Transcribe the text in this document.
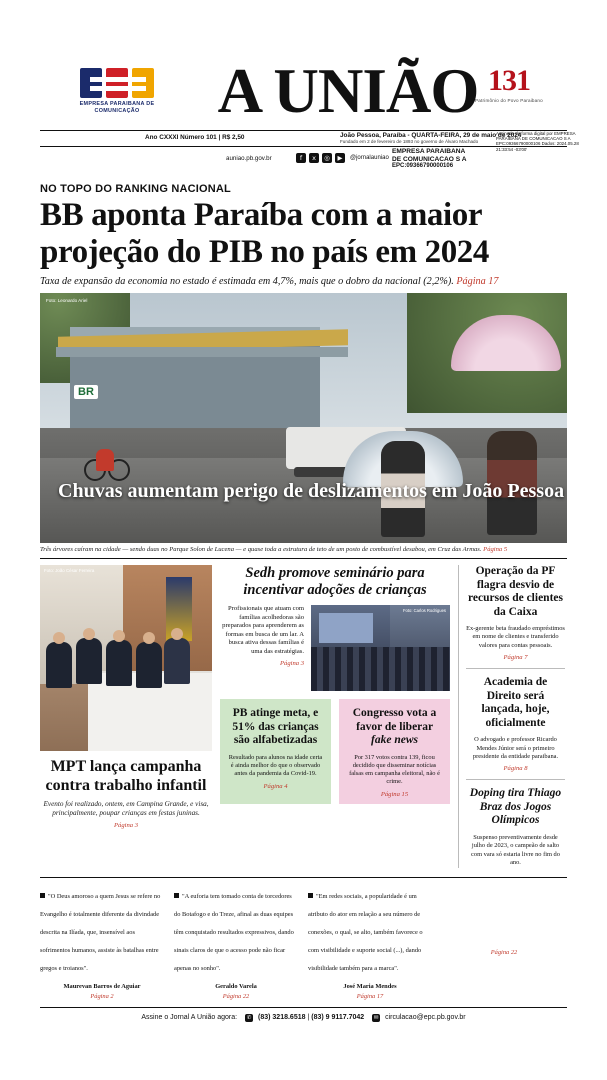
EMPRESA PARAIBANA DE COMUNICAÇÃO	A UNIÃO 131
Patrimônio do Povo Paraibano
Ano CXXXI Número 101 | R$ 2,50	João Pessoa, Paraíba - QUARTA-FEIRA, 29 de maio de 2024
Fundado em 2 de fevereiro de 1893 no governo de Álvaro Machado
auniao.pb.gov.br	f	x	◎	▶	@jornalauniao
EMPRESA PARAIBANA
DE COMUNICACAO S A
EPC:09366790000106
Assinado de forma digital por EMPRESA PARAIBANA DE COMUNICACAO S A EPC:09366790000106 Dados: 2024.05.28 21:33:54 -03'00'
NO TOPO DO RANKING NACIONAL
BB aponta Paraíba com a maior projeção do PIB no país em 2024
Taxa de expansão da economia no estado é estimada em 4,7%, mais que o dobro da nacional (2,2%). Página 17
BR
Foto: Leonardo Ariel
Chuvas aumentam perigo de deslizamentos em João Pessoa
Três árvores caíram na cidade — sendo duas no Parque Solon de Lucena — e quase toda a estrutura de teto de um posto de combustível desabou, em Cruz das Armas. Página 5
Foto: João César Ferreira
MPT lança campanha contra trabalho infantil
Evento foi realizado, ontem, em Campina Grande, e visa, principalmente, poupar crianças em festas juninas.
Página 3
Sedh promove seminário para incentivar adoções de crianças
Profissionais que atuam com famílias acolhedoras são preparados para aprenderem as formas em busca de um lar. A busca ativa dessas famílias é uma das estratégias.
Página 3
Foto: Carlos Rodrigues
PB atinge meta, e 51% das crianças são alfabetizadas

Resultado para alunos na idade certa é ainda melhor do que o observado antes da pandemia da Covid-19.

Página 4
Congresso vota a favor de liberar fake news

Por 317 votos contra 139, ficou decidido que disseminar notícias falsas em campanha eleitoral, não é crime.

Página 15
Operação da PF flagra desvio de recursos de clientes da Caixa
Ex-gerente beta fraudado empréstimos em nome de clientes e transferido valores para contas pessoais.
Página 7
Academia de Direito será lançada, hoje, oficialmente
O advogado e professor Ricardo Mendes Júnior será o primeiro presidente da entidade paraibana.
Página 8
Doping tira Thiago Braz dos Jogos Olímpicos
Suspenso preventivamente desde julho de 2023, o campeão de salto com vara só estaria livre no fim do ano.

"O Deus amoroso a quem Jesus se refere no Evangelho é totalmente diferente da divindade descrita na Ilíada, que, insensível aos sofrimentos humanos, assiste às batalhas entre gregos e troianos".

Maurevan Barros de Aguiar
Página 2

"A euforia tem tomado conta de torcedores do Botafogo e do Treze, afinal as duas equipes têm conquistado resultados expressivos, dando sinais claros de que o acesso pode não ficar apenas no sonho".

Geraldo Varela
Página 22

"Em redes sociais, a popularidade é um atributo do ator em relação a seu número de conexões, o qual, se alto, também favorece o com visibilidade e suporte social (...), dando visibilidade também para a marca".

José Maria Mendes
Página 17
Página 22
Assine o Jornal A União agora: ✆ (83) 3218.6518 | (83) 9 9117.7042 ✉ circulacao@epc.pb.gov.br
